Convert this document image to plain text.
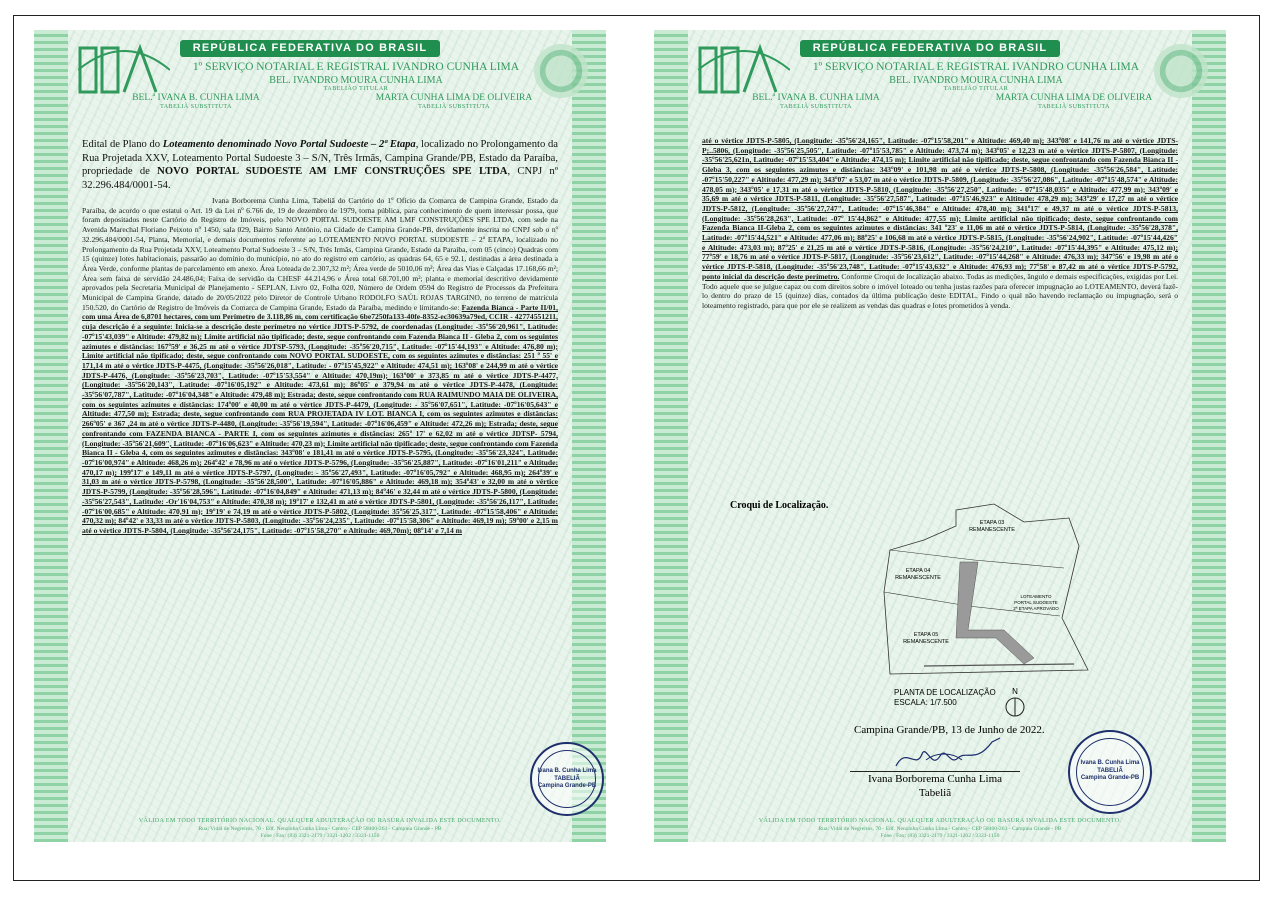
REPÚBLICA FEDERATIVA DO BRASIL
1º SERVIÇO NOTARIAL E REGISTRAL IVANDRO CUNHA LIMA
BEL. IVANDRO MOURA CUNHA LIMA
TABELIÃO TITULAR
BEL.ª IVANA B. CUNHA LIMA
TABELIÃ SUBSTITUTA
MARTA CUNHA LIMA DE OLIVEIRA
TABELIÃ SUBSTITUTA
Edital de Plano do Loteamento denominado Novo Portal Sudoeste – 2ª Etapa, localizado no Prolongamento da Rua Projetada XXV, Loteamento Portal Sudoeste 3 – S/N, Três Irmãs, Campina Grande/PB, Estado da Paraíba, propriedade de NOVO PORTAL SUDOESTE AM LMF CONSTRUÇÕES SPE LTDA, CNPJ nº 32.296.484/0001-54.
Ivana Borborema Cunha Lima, Tabeliã do Cartório do 1º Ofício da Comarca de Campina Grande, Estado da Paraíba, de acordo o que estatui o Art. 19 da Lei nº 6.766 de, 19 de dezembro de 1979, torna pública, para conhecimento de quem interessar possa, que foram depositados neste Cartório do Registro de Imóveis, pelo NOVO PORTAL SUDOESTE AM LMF CONSTRUÇÕES SPE LTDA, com sede na Avenida Marechal Floriano Peixoto nº 1450, sala 029, Bairro Santo Antônio, na Cidade de Campina Grande-PB, devidamente inscrita no CNPJ sob o nº 32.296.484/0001-54, Planta, Memorial, e demais documentos referente ao LOTEAMENTO NOVO PORTAL SUDOESTE – 2ª ETAPA, localizado no Prolongamento da Rua Projetada XXV, Loteamento Portal Sudoeste 3 – S/N, Três Irmãs, Campina Grande, Estado da Paraíba, com 05 (cinco) Quadras com 15 (quinze) lotes habitacionais, passarão ao domínio do município, no ato do registro em cartório, as quadras 64, 65 e 92.1, destinadas a área destinada a Área Verde, conforme plantas de parcelamento em anexo. Área Loteada de 2.307,32 m²; Área verde de 5010,06 m²; Área das Vias e Calçadas 17.168,66 m²; Área sem faixa de servidão 24.486,04; Faixa de servidão da CHESF 44.214,96 e Área total 68.701,00 m²; planta e memorial descritivo devidamente aprovados pela Secretaria Municipal de Planejamento - SEPLAN, Livro 02, Folha 020, Número de Ordem 0594 do Registro de Processos da Prefeitura Municipal de Campina Grande, datado de 20/05/2022 pelo Diretor de Controle Urbano RODOLFO SAÚL ROJAS TARGINO, no terreno de matrícula 150.520, do Cartório de Registro de Imóveis da Comarca de Campina Grande, Estado da Paraíba, medindo e limitando-se: Fazenda Bianca - Parte II/01, com uma Área de 6,8701 hectares, com um Perímetro de 3.118,86 m, com certificação 6be7250fa133-40fe-8352-ec30639a79ed, CCIR - 42774551211, cuja descrição é a seguinte: Inicia-se a descrição deste perímetro no vértice JDTS-P-5792, de coordenadas (Longitude: -35º56'20,961", Latitude: -07º15'43,039" e Altitude: 479,82 m); Limite artificial não tipificado; deste, segue confrontando com Fazenda Bianca II - Gleba 2, com os seguintes azimutes e distâncias: 167º59' e 36,25 m até o vértice JDTSP-5793, (Longitude: -35º56'20,715", Latitude: -07º15'44,193" e Altitude: 476,80 m); Limite artificial não tipificado; deste, segue confrontando com NOVO PORTAL SUDOESTE, com os seguintes azimutes e distâncias: 251 º 55' e 171,14 m até o vértice JDTS-P-4475, (Longitude: -35º56'26,018", Latitude: - 07º15'45,922" e Altitude: 474,51 m); 163º08' e 244,99 m até o vértice JDTS-P-4476, (Longitude: -35º56'23,703", Latitude: -07º15'53,554" e Altitude: 470,19m); 163º00' e 373,85 m até o vértice JDTS-P-4477, (Longitude: -35º56'20,143", Latitude: -07º16'05,192" e Altitude: 473,61 m); 86º05' e 379,94 m até o vértice JDTS-P-4478, (Longitude: -35º56'07,787", Latitude: -07º16'04,348" e Altitude: 479,48 m); Estrada; deste, segue confrontando com RUA RAIMUNDO MAIA DE OLIVEIRA, com os seguintes azimutes e distâncias: 174º00' e 40,00 m até o vértice JDTS-P-4479, (Longitude: - 35º56'07,651", Latitude: -07º16'05,643" e Altitude: 477,50 m); Estrada; deste, segue confrontando com RUA PROJETADA IV LOT. BIANCA I, com os seguintes azimutes e distâncias: 266º05' e 367 ,24 m até o vértice JDTS-P-4480, (Longitude: -35º56'19,594", Latitude: -07º16'06,459" e Altitude: 472,26 m); Estrada; deste, segue confrontando com FAZENDA BIANCA - PARTE I, com os seguintes azimutes e distâncias: 265º 17' e 62,02 m até o vértice JDTSP- 5794, (Longitude: -35º56'21,609", Latitude: -07º16'06,623" e Altitude: 470,23 m); Limite artificial não tipificado; deste, segue confrontando com Fazenda Bianca II - Gleba 4, com os seguintes azimutes e distâncias: 343º08' e 181,41 m até o vértice JDTS-P-5795, (Longitude: -35º56'23,324", Latitude: -07º16'00,974" e Altitude: 468,26 m); 264º42' e 78,96 m até o vértice JDTS-P-5796, (Longitude: -35º56'25,887", Latitude: -07º16'01,211" e Altitude: 470,17 m); 199º17' e 149,11 m até o vértice JDTS-P-5797, (Longitude: - 35º56'27,493", Latitude: -07º16'05,792" e Altitude: 468,95 m); 264º39' e 31,03 m até o vértice JDTS-P-5798, (Longitude: -35º56'28,500", Latitude: -07º16'05,886" e Altitude: 469,18 m); 354º43' e 32,00 m até o vértice JDTS-P-5799, (Longitude: -35º56'28,596", Latitude: -07º16'04,849" e Altitude: 471,13 m); 84º46' e 32,44 m até o vértice JDTS-P-5800, (Longitude: -35º56'27,543", Latitude: -Or'16'04,753" e Altitude: 470,38 m); 19º17' e 132,41 m até o vértice JDTS-P-5801, (Longitude: -35º56'26,117", Latitude: -07º16'00,685" e Altitude: 470,91 m); 19º19' e 74,19 m até o vértice JDTS-P-5802, (Longitude: 35º56'25,317", Latitude: -07º15'58,406" e Altitude: 470,32 m); 84º42' e 33,33 m até o vértice JDTS-P-5803, (Longitude: -35º56'24,235", Latitude: -07º15'58,306" e Altitude: 469,19 m); 59º00' e 2,15 m até o vértice JDTS-P-5804, (Longitude: -35º56'24,175", Latitude: -07º15'58,270" e Altitude: 469,70m); 08º14' e 7,14 m
VÁLIDA EM TODO TERRITÓRIO NACIONAL. QUALQUER ADULTERAÇÃO OU RASURA INVALIDA ESTE DOCUMENTO.
Rua: Vidal de Negreiros, 70 - Edf. Nenzinha Cunha Lima - Centro - CEP 58400-263 - Campina Grande - PB
Fone / Fax: (83) 3321-2179 / 3321-1202 / 3321-1150
Ivana B. Cunha Lima
TABELIÃ
Campina Grande-PB
REPÚBLICA FEDERATIVA DO BRASIL
1º SERVIÇO NOTARIAL E REGISTRAL IVANDRO CUNHA LIMA
BEL. IVANDRO MOURA CUNHA LIMA
TABELIÃO TITULAR
BEL.ª IVANA B. CUNHA LIMA
TABELIÃ SUBSTITUTA
MARTA CUNHA LIMA DE OLIVEIRA
TABELIÃ SUBSTITUTA
até o vértice JDTS-P-5805, (Longitude: -35º56'24,165", Latitude: -07º15'58,201" e Altitude: 469,40 m); 343º08' e 141,76 m até o vértice JDTS-P;..5806, (Longitude: -35º56'25,505", Latitude: -07º15'53,785" e Altitude: 473,74 m); 343º05' e 12,23 m até o vértice JDTS-P-5807, (Longitude: -35º56'25,621n, Latitude: -07º15'53,404" e Altitude: 474,15 m); Limite artificial não tipificado; deste, segue confrontando com Fazenda Bianca II - Gleba 3, com os seguintes azimutes e distâncias: 343º09' e 101,98 m até o vértice JDTS-P-5808, (Longitude: -35º56'26,584", Latitude: -07º15'50,227" e Altitude: 477,29 m); 343º07' e 53,07 m até o vértice JDTS-P-5809, (Longitude: -35º56'27,086", Latitude: -07º15'48,574" e Altitude: 478,05 m); 343º05' e 17,31 m até o vértice JDTS-P-5810, (Longitude: -35º56'27,250", Latitude: - 07º15'48,035" e Altitude: 477,99 m); 343º09' e 35,69 m até o vértice JDTS-P-5811, (Longitude: -35º56'27,587", Latitude: -07º15'46,923" e Altitude: 478,29 m); 343º29' e 17,27 m até o vértice JDTS-P-5812, (Longitude: -35º56'27,747", Latitude: -07º15'46,384" e Altitude: 478,40 m); 341º17' e 49,37 m até o vértice JDTS-P-5813, (Longitude: -35º56'28,263", Latitude: -07º 15'44,862" e Altitude: 477,55 m); Limite artificial não tipificado; deste, segue confrontando com Fazenda Bianca II-Gleba 2, com os seguintes azimutes e distâncias: 341 º23' e 11,06 m até o vértice JDTS-P-5814, (Longitude: -35º56'28,378", Latitude: -07º15'44,521" e Altitude: 477,06 m); 88º25' e 106,68 m até o vértice JDTS-P-5815, (Longitude: -35º56'24,902", Latitude: -07º15'44,426" e Altitude: 473,03 m); 87º25' e 21,25 m até o vértice JDTS-P-5816, (Longitude: -35º56'24,210", Latitude: -07º15'44,395" e Altitude: 475,12 m); 77º59' e 18,76 m até o vértice JDTS-P-5817, (Longitude: -35º56'23,612", Latitude: -07º15'44,268" e Altitude: 476,33 m); 347º56' e 19,98 m até o vértice JDTS-P-5818, (Longitude: -35º56'23,748", Latitude: -07º15'43,632" e Altitude: 476,93 m); 77º58' e 87,42 m até o vértice JDTS-P-5792, ponto inicial da descrição deste perímetro. Conforme Croqui de localização abaixo. Todas as medições, ângulo e demais especificações, exigidas por Lei. Todo aquele que se julgue capaz ou com direitos sobre o imóvel loteado ou tenha justas razões para oferecer impugnação ao LOTEAMENTO, deverá fazê-lo dentro do prazo de 15 (quinze) dias, contados da última publicação deste EDITAL. Findo o qual não havendo reclamação ou impugnação, será o loteamento registrado, para que por ele se realizem as vendas das quadras e lotes prometidos à venda.
Croqui de Localização.
ETAPA 03
REMANESCENTE
ETAPA 04
REMANESCENTE
ETAPA 05
REMANESCENTE
LOTEAMENTO
PORTAL SUDOESTE
2ª ETAPA APROVADO
PLANTA DE LOCALIZAÇÃO
ESCALA: 1/7.500
N
Campina Grande/PB, 13 de Junho de 2022.
Ivana Borborema Cunha Lima
Tabeliã
Ivana B. Cunha Lima
TABELIÃ
Campina Grande-PB
VÁLIDA EM TODO TERRITÓRIO NACIONAL. QUALQUER ADULTERAÇÃO OU RASURA INVALIDA ESTE DOCUMENTO.
Rua: Vidal de Negreiros, 70 - Edf. Nenzinha Cunha Lima - Centro - CEP 58400-263 - Campina Grande - PB
Fone / Fax: (83) 3321-2179 / 3321-1202 / 3321-1150
